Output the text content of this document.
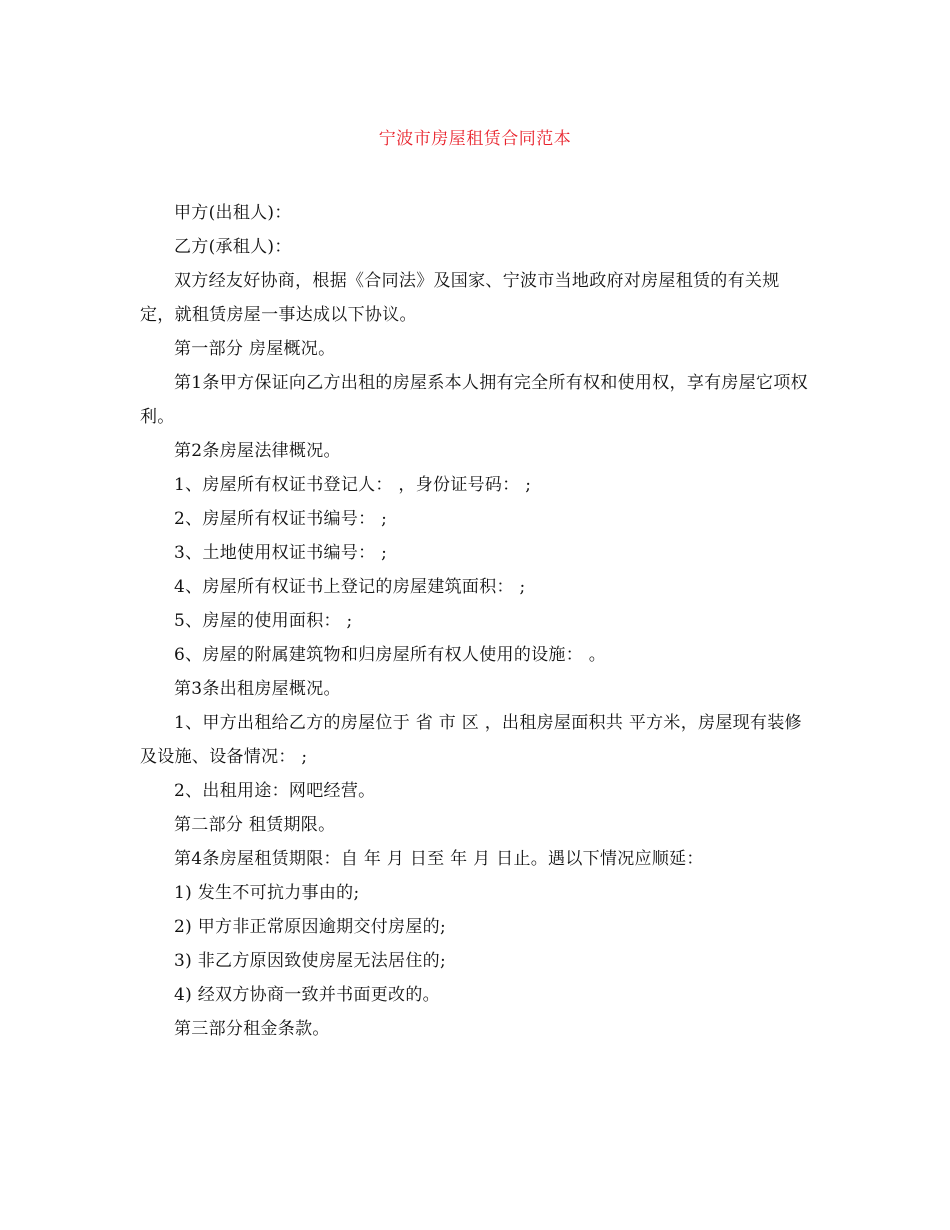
宁波市房屋租赁合同范本

甲方(出租人)：

乙方(承租人)：

双方经友好协商，根据《合同法》及国家、宁波市当地政府对房屋租赁的有关规定，就租赁房屋一事达成以下协议。

第一部分 房屋概况。

第1条甲方保证向乙方出租的房屋系本人拥有完全所有权和使用权，享有房屋它项权利。

第2条房屋法律概况。

1、房屋所有权证书登记人： ，身份证号码： ;

2、房屋所有权证书编号： ;

3、土地使用权证书编号： ;

4、房屋所有权证书上登记的房屋建筑面积： ;

5、房屋的使用面积： ;

6、房屋的附属建筑物和归房屋所有权人使用的设施： 。

第3条出租房屋概况。

1、甲方出租给乙方的房屋位于 省 市 区 ，出租房屋面积共 平方米，房屋现有装修及设施、设备情况： ;

2、出租用途：网吧经营。

第二部分 租赁期限。

第4条房屋租赁期限：自 年 月 日至 年 月 日止。遇以下情况应顺延：

1) 发生不可抗力事由的;

2) 甲方非正常原因逾期交付房屋的;

3) 非乙方原因致使房屋无法居住的;

4) 经双方协商一致并书面更改的。

第三部分租金条款。
